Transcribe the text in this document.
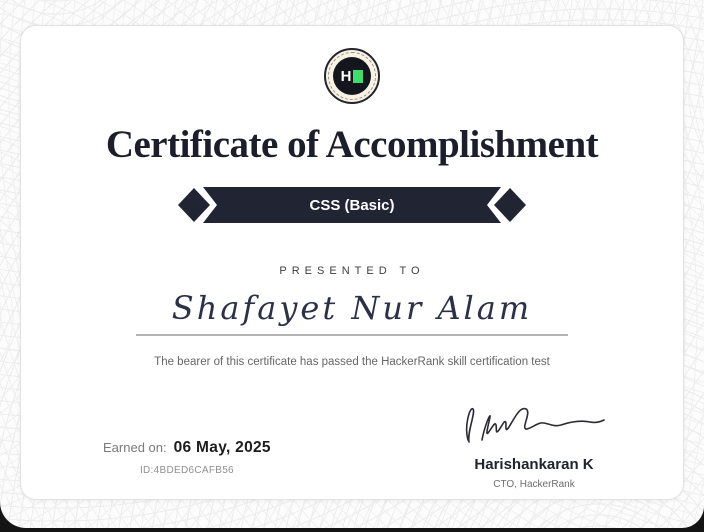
H
Certificate of Accomplishment
CSS (Basic)
PRESENTED TO
Shafayet Nur Alam
The bearer of this certificate has passed the HackerRank skill certification test
Earned on: 06 May, 2025
ID:4BDED6CAFB56	Harishankaran K
CTO, HackerRank
